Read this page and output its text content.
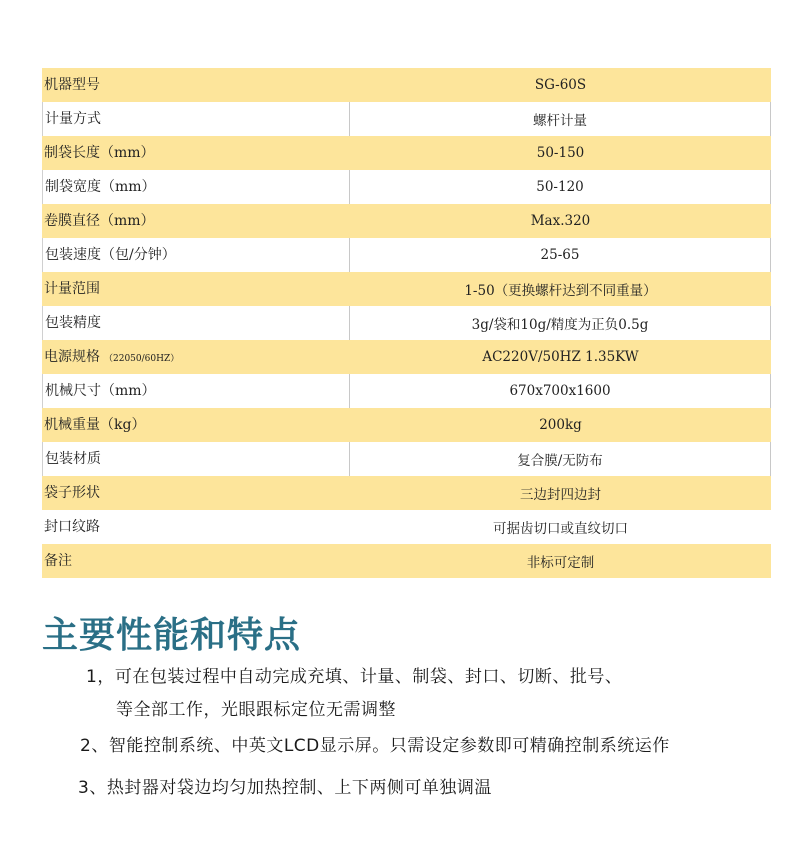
机器型号	SG-60S
计量方式	螺杆计量
制袋长度（mm）	50-150
制袋宽度（mm）	50-120
卷膜直径（mm）	Max.320
包装速度（包/分钟）	25-65
计量范围	1-50（更换螺杆达到不同重量）
包装精度	3g/袋和10g/精度为正负0.5g
电源规格 （22050/60HZ）	AC220V/50HZ 1.35KW
机械尺寸（mm）	670x700x1600
机械重量（kg）	200kg
包装材质	复合膜/无防布
袋子形状	三边封四边封
封口纹路	可据齿切口或直纹切口
备注	非标可定制
主要性能和特点
1，可在包装过程中自动完成充填、计量、制袋、封口、切断、批号、
等全部工作，光眼跟标定位无需调整
2、智能控制系统、中英文LCD显示屏。只需设定参数即可精确控制系统运作
3、热封器对袋边均匀加热控制、上下两侧可单独调温
